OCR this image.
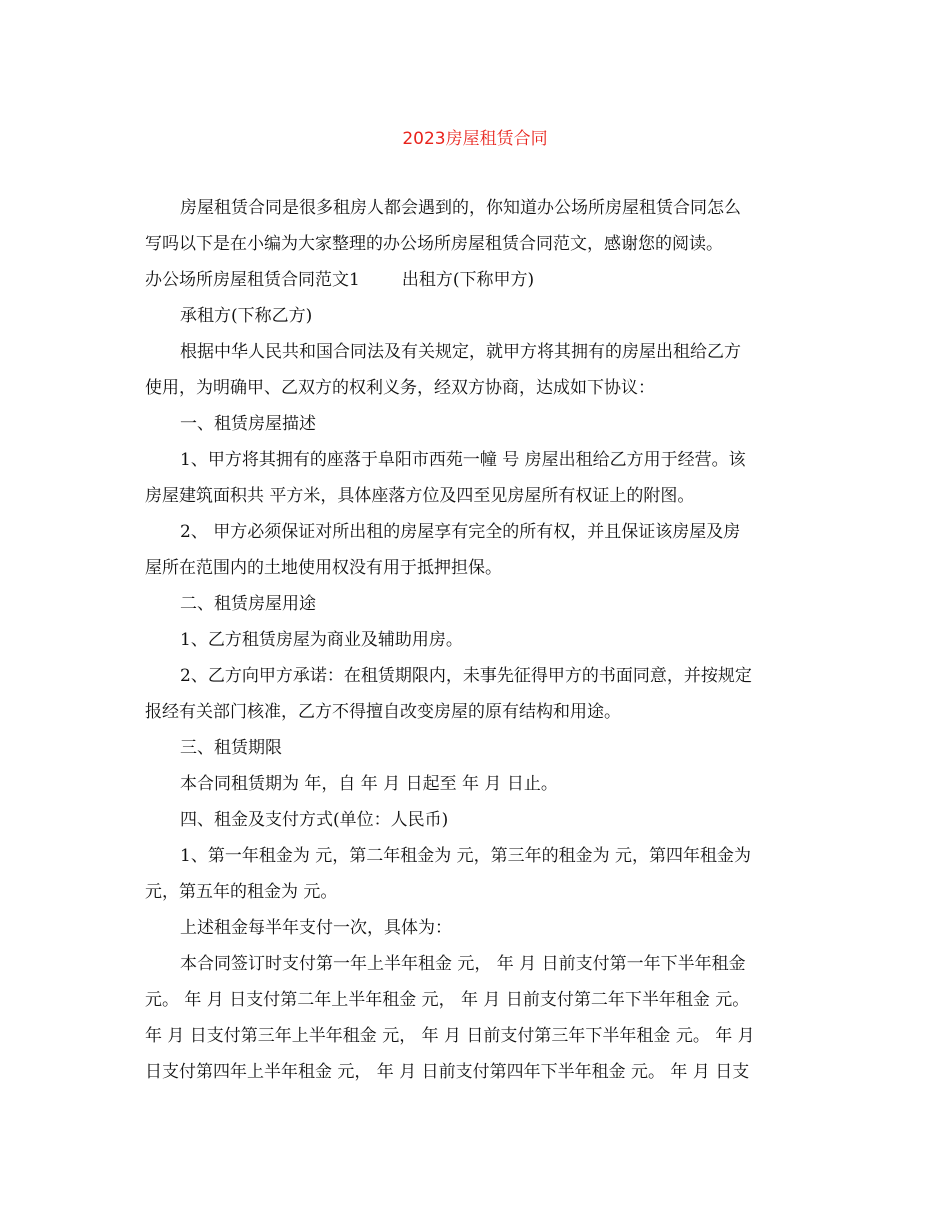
2023房屋租赁合同
房屋租赁合同是很多租房人都会遇到的，你知道办公场所房屋租赁合同怎么
写吗以下是在小编为大家整理的办公场所房屋租赁合同范文，感谢您的阅读。
办公场所房屋租赁合同范文1 出租方(下称甲方)
承租方(下称乙方)
根据中华人民共和国合同法及有关规定，就甲方将其拥有的房屋出租给乙方
使用，为明确甲、乙双方的权利义务，经双方协商，达成如下协议：
一、租赁房屋描述
1、甲方将其拥有的座落于阜阳市西苑一幢 号 房屋出租给乙方用于经营。该
房屋建筑面积共 平方米，具体座落方位及四至见房屋所有权证上的附图。
2、 甲方必须保证对所出租的房屋享有完全的所有权，并且保证该房屋及房
屋所在范围内的土地使用权没有用于抵押担保。
二、租赁房屋用途
1、乙方租赁房屋为商业及辅助用房。
2、乙方向甲方承诺：在租赁期限内，未事先征得甲方的书面同意，并按规定
报经有关部门核准，乙方不得擅自改变房屋的原有结构和用途。
三、租赁期限
本合同租赁期为 年，自 年 月 日起至 年 月 日止。
四、租金及支付方式(单位：人民币)
1、第一年租金为 元，第二年租金为 元，第三年的租金为 元，第四年租金为
元，第五年的租金为 元。
上述租金每半年支付一次，具体为：
本合同签订时支付第一年上半年租金 元， 年 月 日前支付第一年下半年租金
元。 年 月 日支付第二年上半年租金 元， 年 月 日前支付第二年下半年租金 元。
年 月 日支付第三年上半年租金 元， 年 月 日前支付第三年下半年租金 元。 年 月
日支付第四年上半年租金 元， 年 月 日前支付第四年下半年租金 元。 年 月 日支
